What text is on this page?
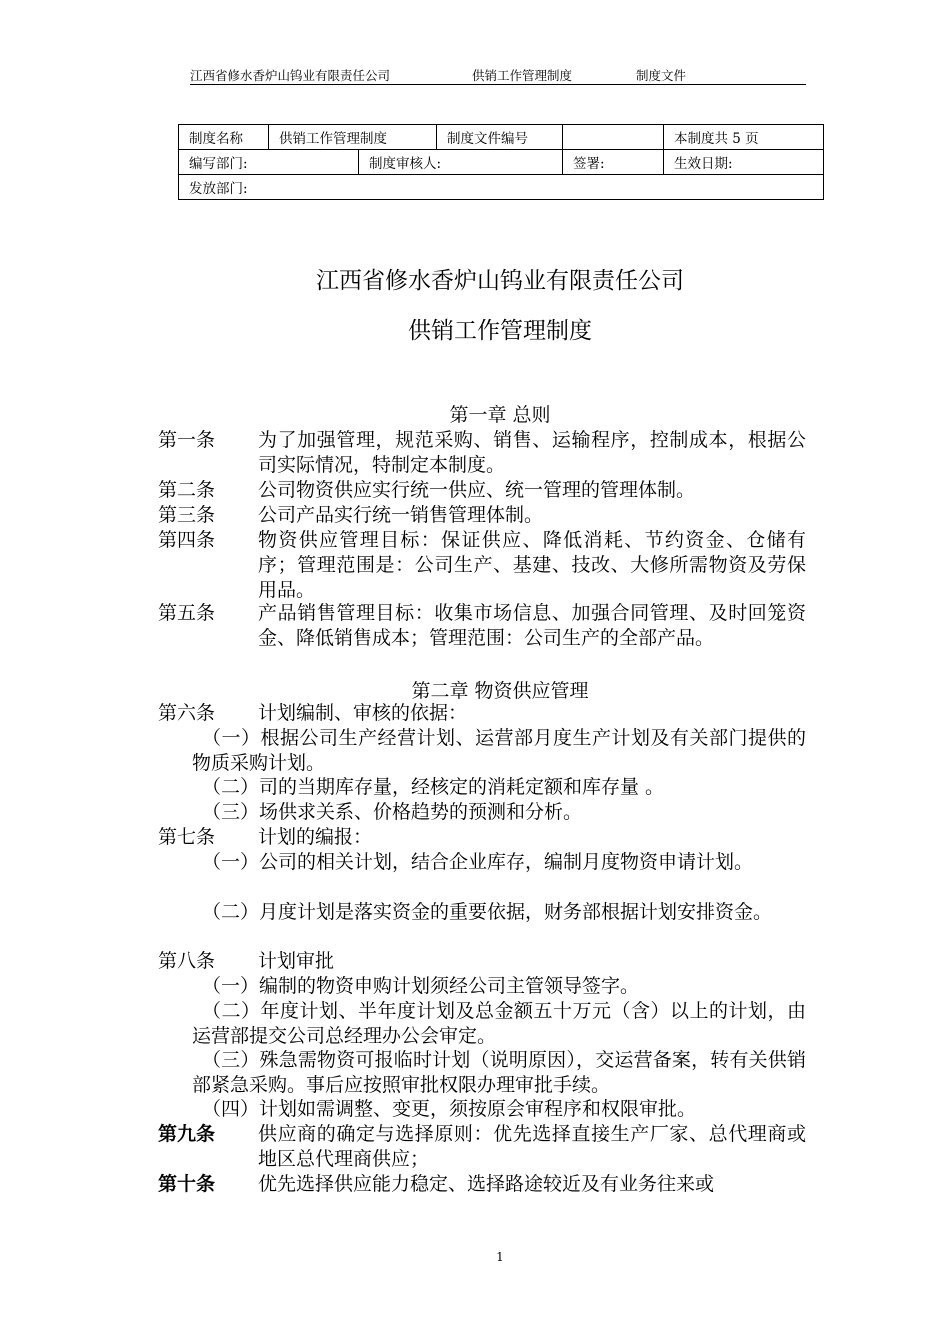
江西省修水香炉山钨业有限责任公司	供销工作管理制度	制度文件
制度名称	供销工作管理制度		制度文件编号		本制度共 5 页
编写部门:		制度审核人:		签署:	生效日期:
发放部门:					
江西省修水香炉山钨业有限责任公司
供销工作管理制度
第一章 总则
第一条 为了加强管理，规范采购、销售、运输程序，控制成本，根据公司实际情况，特制定本制度。
第二条 公司物资供应实行统一供应、统一管理的管理体制。
第三条 公司产品实行统一销售管理体制。
第四条 物资供应管理目标：保证供应、降低消耗、节约资金、仓储有序；管理范围是：公司生产、基建、技改、大修所需物资及劳保用品。
第五条 产品销售管理目标：收集市场信息、加强合同管理、及时回笼资金、降低销售成本；管理范围：公司生产的全部产品。
第二章 物资供应管理
第六条 计划编制、审核的依据：
（一）根据公司生产经营计划、运营部月度生产计划及有关部门提供的物质采购计划。
（二）司的当期库存量，经核定的消耗定额和库存量 。
（三）场供求关系、价格趋势的预测和分析。
第七条 计划的编报：
（一） 公司的相关计划，结合企业库存，编制月度物资申请计划。
（二）月度计划是落实资金的重要依据，财务部根据计划安排资金。
第八条 计划审批
（一）编制的物资申购计划须经公司主管领导签字。
（二）年度计划、半年度计划及总金额五十万元（含）以上的计划，由运营部提交公司总经理办公会审定。
（三）殊急需物资可报临时计划（说明原因），交运营备案，转有关供销部紧急采购。事后应按照审批权限办理审批手续。
（四）计划如需调整、变更，须按原会审程序和权限审批。
第九条 供应商的确定与选择原则：优先选择直接生产厂家、总代理商或地区总代理商供应；
第十条 优先选择供应能力稳定、选择路途较近及有业务往来或
1
